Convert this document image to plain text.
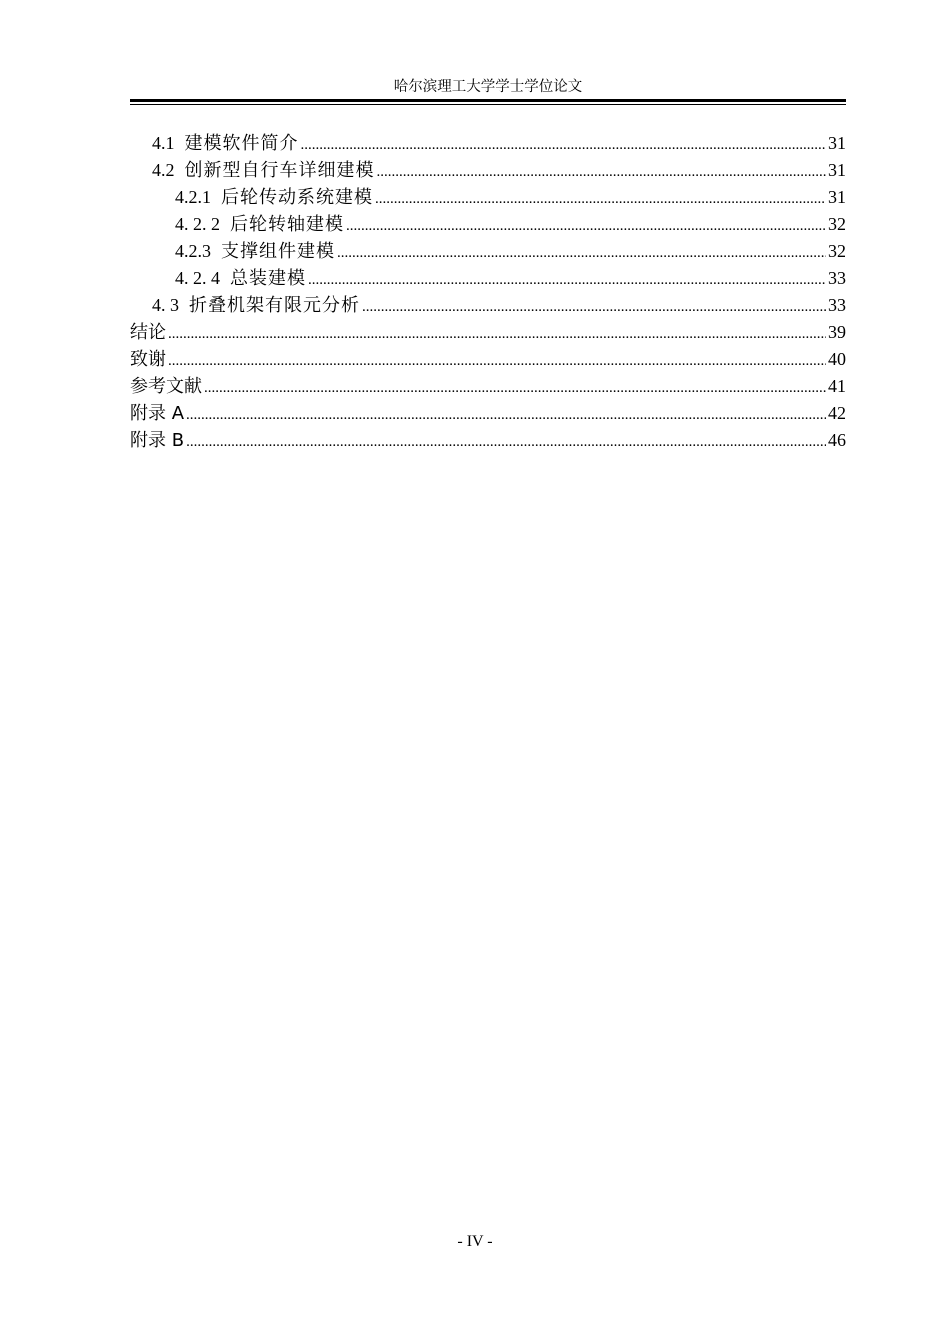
哈尔滨理工大学学士学位论文
4.1 建模软件简介 .....	31
4.2 创新型自行车详细建模 .....	31
4.2.1 后轮传动系统建模 .....	31
4. 2. 2 后轮转轴建模 .....	32
4.2.3 支撑组件建模 .....	32
4. 2. 4 总装建模 .....	33
4. 3 折叠机架有限元分析 .....	33
结论 .....	39
致谢 .....	40
参考文献 .....	41
附录 A .....	42
附录 B .....	46
- IV -
